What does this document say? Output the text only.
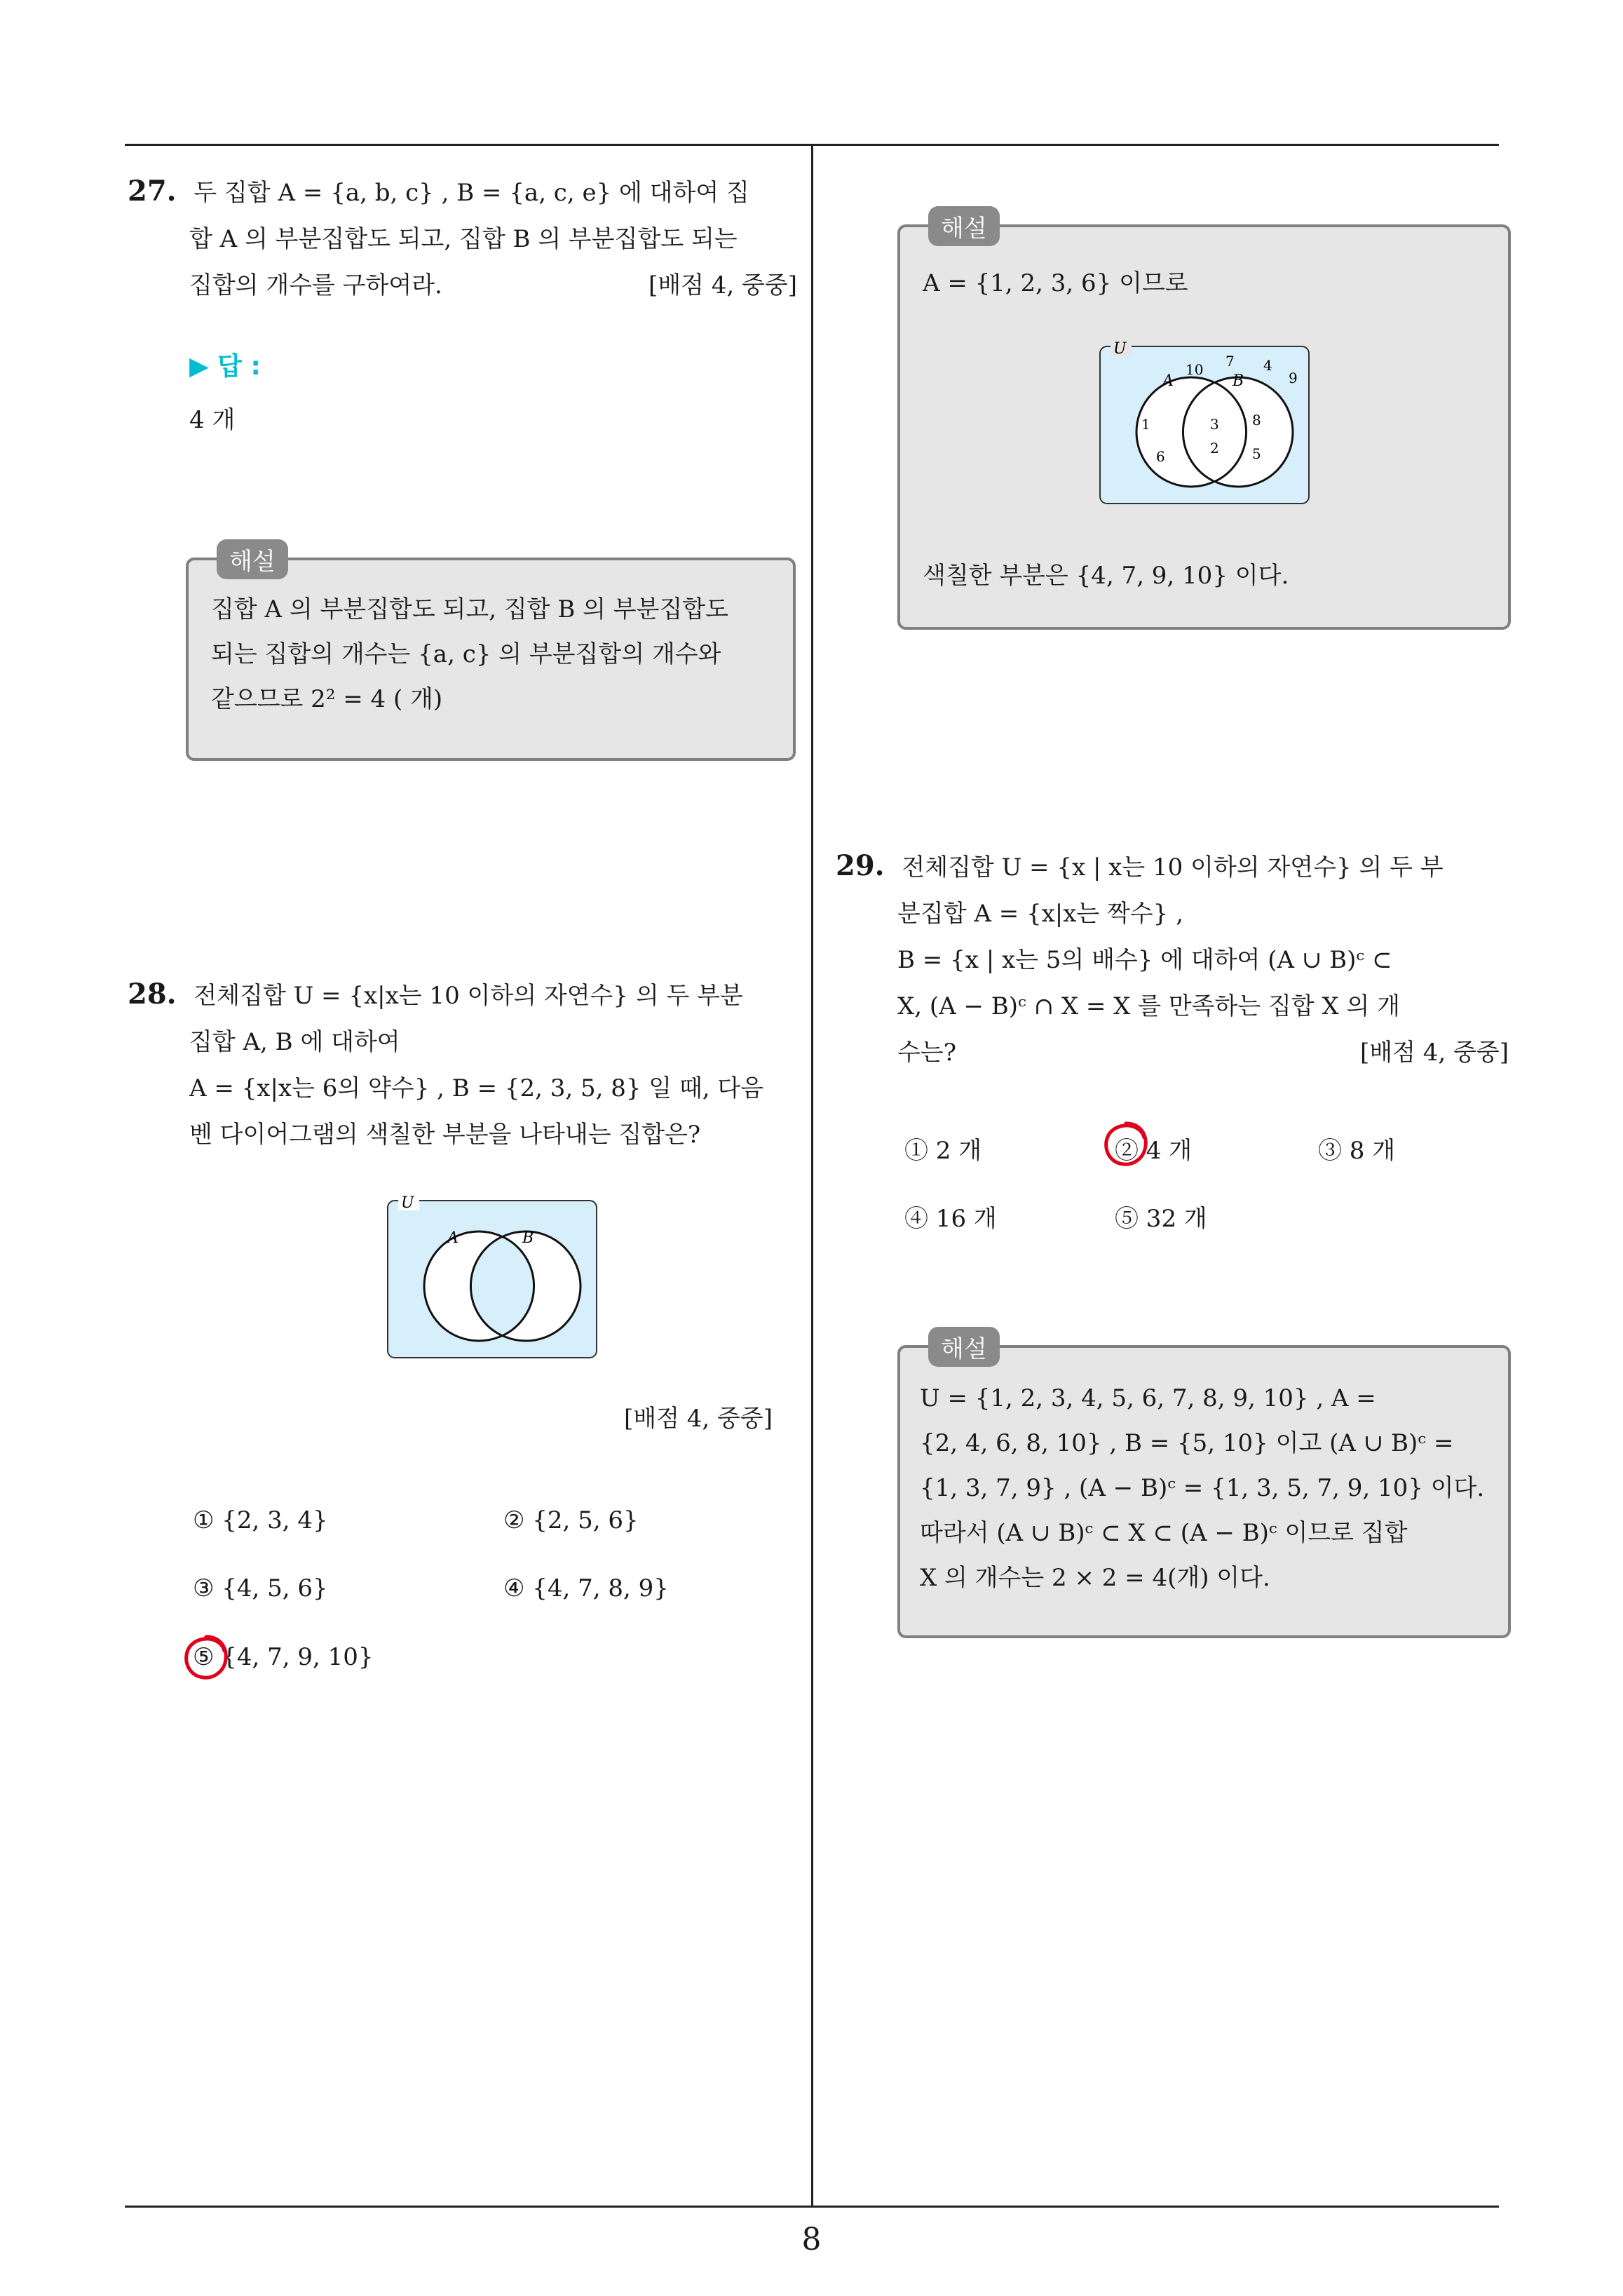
27. 두 집합 A = {a, b, c} , B = {a, c, e} 에 대하여 집
합 A 의 부분집합도 되고, 집합 B 의 부분집합도 되는
집합의 개수를 구하여라.	[배점 4, 중중]
▶ 답 :
4 개
해설
집합 A 의 부분집합도 되고, 집합 B 의 부분집합도
되는 집합의 개수는 {a, c} 의 부분집합의 개수와
같으므로 2² = 4 ( 개)
28. 전체집합 U = {x|x는 10 이하의 자연수} 의 두 부분
집합 A, B 에 대하여
A = {x|x는 6의 약수} , B = {2, 3, 5, 8} 일 때, 다음
벤 다이어그램의 색칠한 부분을 나타내는 집합은?
U
A	B
[배점 4, 중중]
① {2, 3, 4}	② {2, 5, 6}
③ {4, 5, 6}	④ {4, 7, 8, 9}
⑤ {4, 7, 9, 10}
해설
A = {1, 2, 3, 6} 이므로
U
A	B
10 7 4
9
1
6
3
2
8
5
색칠한 부분은 {4, 7, 9, 10} 이다.
29. 전체집합 U = {x | x는 10 이하의 자연수} 의 두 부
분집합 A = {x|x는 짝수} ,
B = {x | x는 5의 배수} 에 대하여 (A ∪ B)ᶜ ⊂
X, (A − B)ᶜ ∩ X = X 를 만족하는 집합 X 의 개
수는?	[배점 4, 중중]
① 2 개	② 4 개	③ 8 개
④ 16 개	⑤ 32 개
해설
U = {1, 2, 3, 4, 5, 6, 7, 8, 9, 10} , A =
{2, 4, 6, 8, 10} , B = {5, 10} 이고 (A ∪ B)ᶜ =
{1, 3, 7, 9} , (A − B)ᶜ = {1, 3, 5, 7, 9, 10} 이다.
따라서 (A ∪ B)ᶜ ⊂ X ⊂ (A − B)ᶜ 이므로 집합
X 의 개수는 2 × 2 = 4(개) 이다.
8
